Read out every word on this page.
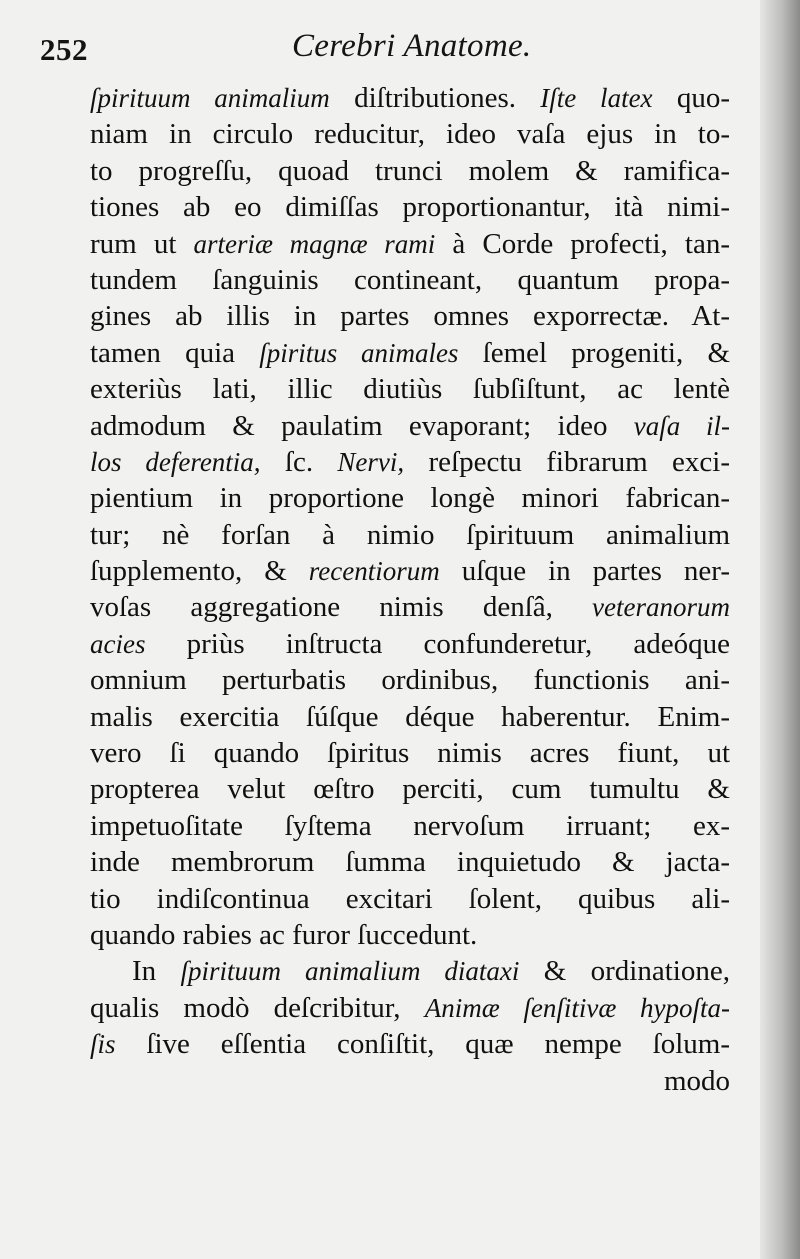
252	Cerebri Anatome.
ſpirituum animalium diſtributiones. Iſte latex quo-
niam in circulo reducitur, ideo vaſa ejus in to-
to progreſſu, quoad trunci molem & ramifica-
tiones ab eo dimiſſas proportionantur, ità nimi-
rum ut arteriæ magnæ rami à Corde profecti, tan-
tundem ſanguinis contineant, quantum propa-
gines ab illis in partes omnes exporrectæ. At-
tamen quia ſpiritus animales ſemel progeniti, &
exteriùs lati, illic diutiùs ſubſiſtunt, ac lentè
admodum & paulatim evaporant; ideo vaſa il-
los deferentia, ſc. Nervi, reſpectu fibrarum exci-
pientium in proportione longè minori fabrican-
tur; nè forſan à nimio ſpirituum animalium
ſupplemento, & recentiorum uſque in partes ner-
voſas aggregatione nimis denſâ, veteranorum
acies priùs inſtructa confunderetur, adeóque
omnium perturbatis ordinibus, functionis ani-
malis exercitia ſúſque déque haberentur. Enim-
vero ſi quando ſpiritus nimis acres fiunt, ut
propterea velut œſtro perciti, cum tumultu &
impetuoſitate ſyſtema nervoſum irruant; ex-
inde membrorum ſumma inquietudo & jacta-
tio indiſcontinua excitari ſolent, quibus ali-
quando rabies ac furor ſuccedunt.
In ſpirituum animalium diataxi & ordinatione,
qualis modò deſcribitur, Animæ ſenſitivæ hypoſta-
ſis ſive eſſentia conſiſtit, quæ nempe ſolum-
modo
